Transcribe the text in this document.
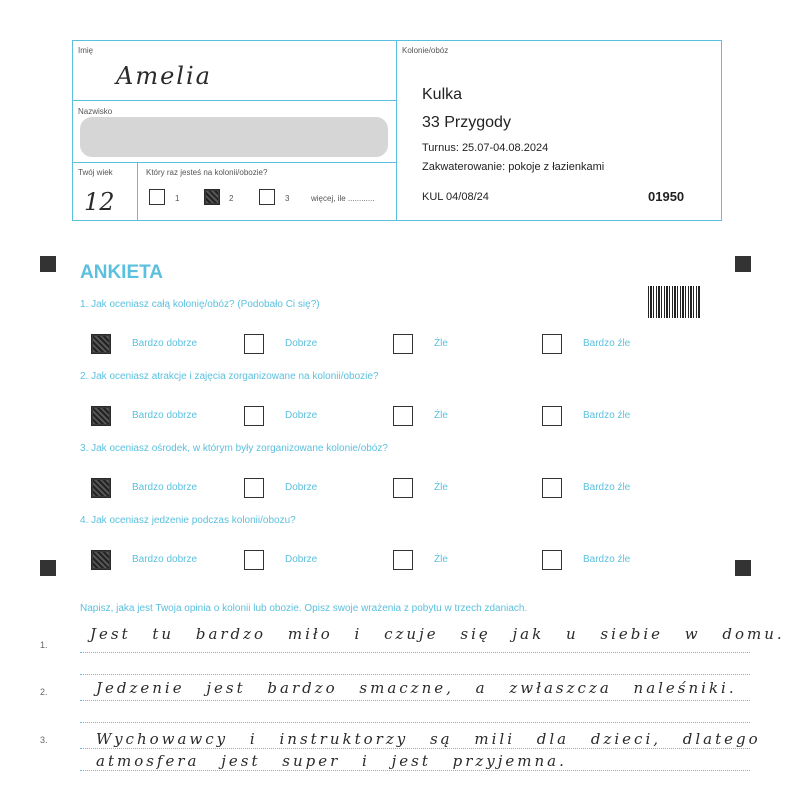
Imię
Amelia
Nazwisko
Twój wiek
12
Który raz jesteś na kolonii/obozie?
1	2	3	więcej, ile ............
Kolonie/obóz
Kulka
33 Przygody
Turnus: 25.07-04.08.2024
Zakwaterowanie: pokoje z łazienkami
KUL 04/08/24	01950
ANKIETA
1. Jak oceniasz całą kolonię/obóz? (Podobało Ci się?)
Bardzo dobrze	Dobrze	Źle	Bardzo źle
2. Jak oceniasz atrakcje i zajęcia zorganizowane na kolonii/obozie?
Bardzo dobrze	Dobrze	Źle	Bardzo źle
3. Jak oceniasz ośrodek, w którym były zorganizowane kolonie/obóz?
Bardzo dobrze	Dobrze	Źle	Bardzo źle
4. Jak oceniasz jedzenie podczas kolonii/obozu?
Bardzo dobrze	Dobrze	Źle	Bardzo źle
Napisz, jaka jest Twoja opinia o kolonii lub obozie. Opisz swoje wrażenia z pobytu w trzech zdaniach.
1.
2.
3.
Jest tu bardzo miło i czuje się jak u siebie w domu.
Jedzenie jest bardzo smaczne, a zwłaszcza naleśniki.
Wychowawcy i instruktorzy są mili dla dzieci, dlatego
atmosfera jest super i jest przyjemna.
